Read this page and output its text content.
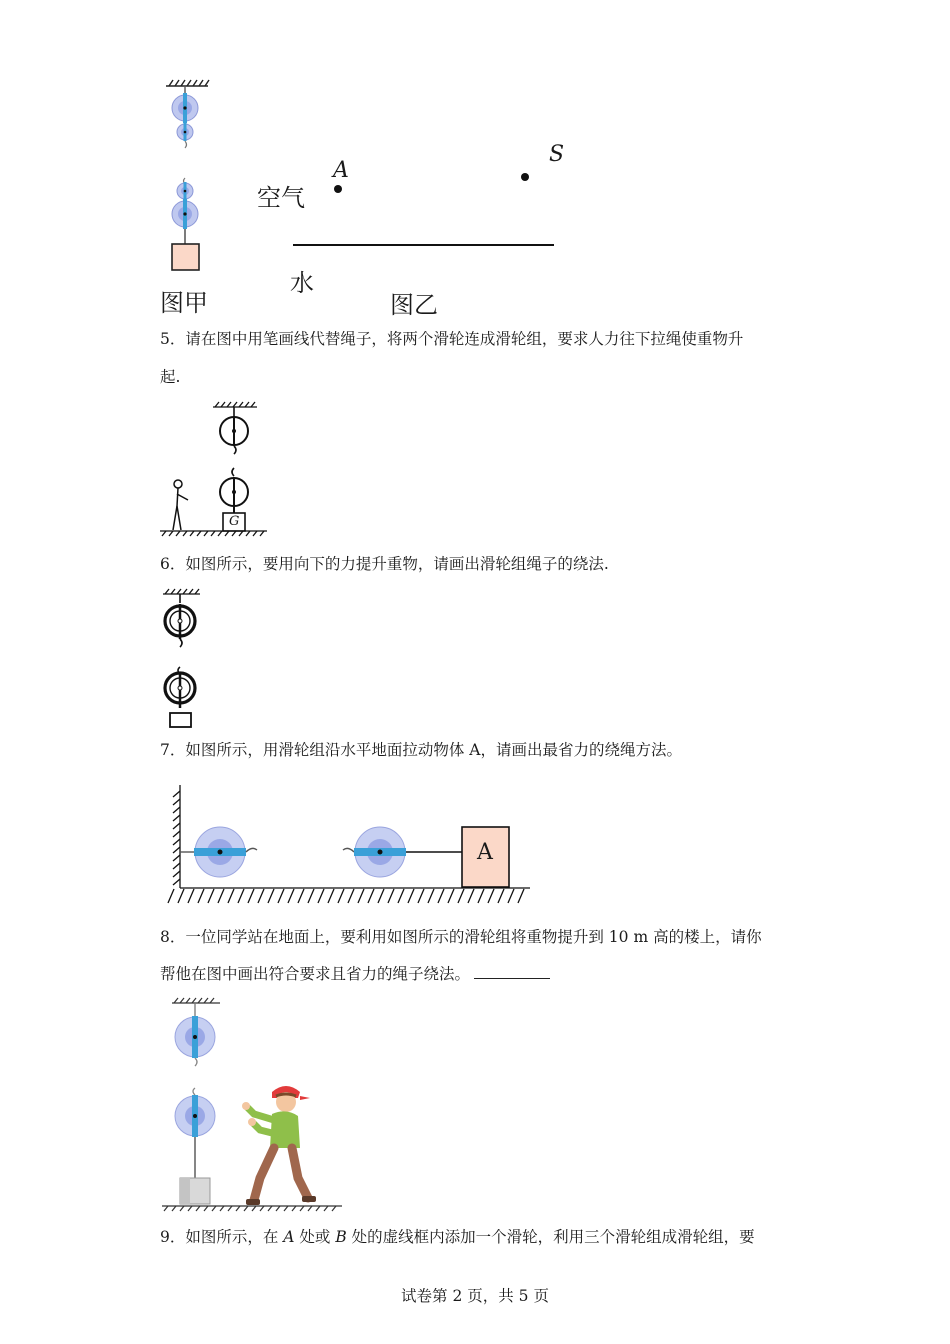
图甲
空气
A
S
水
图乙
5．请在图中用笔画线代替绳子，将两个滑轮连成滑轮组，要求人力往下拉绳使重物升
起.
G
6．如图所示，要用向下的力提升重物，请画出滑轮组绳子的绕法.
7．如图所示，用滑轮组沿水平地面拉动物体 A，请画出最省力的绕绳方法。
A
8．一位同学站在地面上，要利用如图所示的滑轮组将重物提升到 10 m 高的楼上，请你
帮他在图中画出符合要求且省力的绳子绕法。
9．如图所示，在 A 处或 B 处的虚线框内添加一个滑轮，利用三个滑轮组成滑轮组，要
试卷第 2 页，共 5 页
